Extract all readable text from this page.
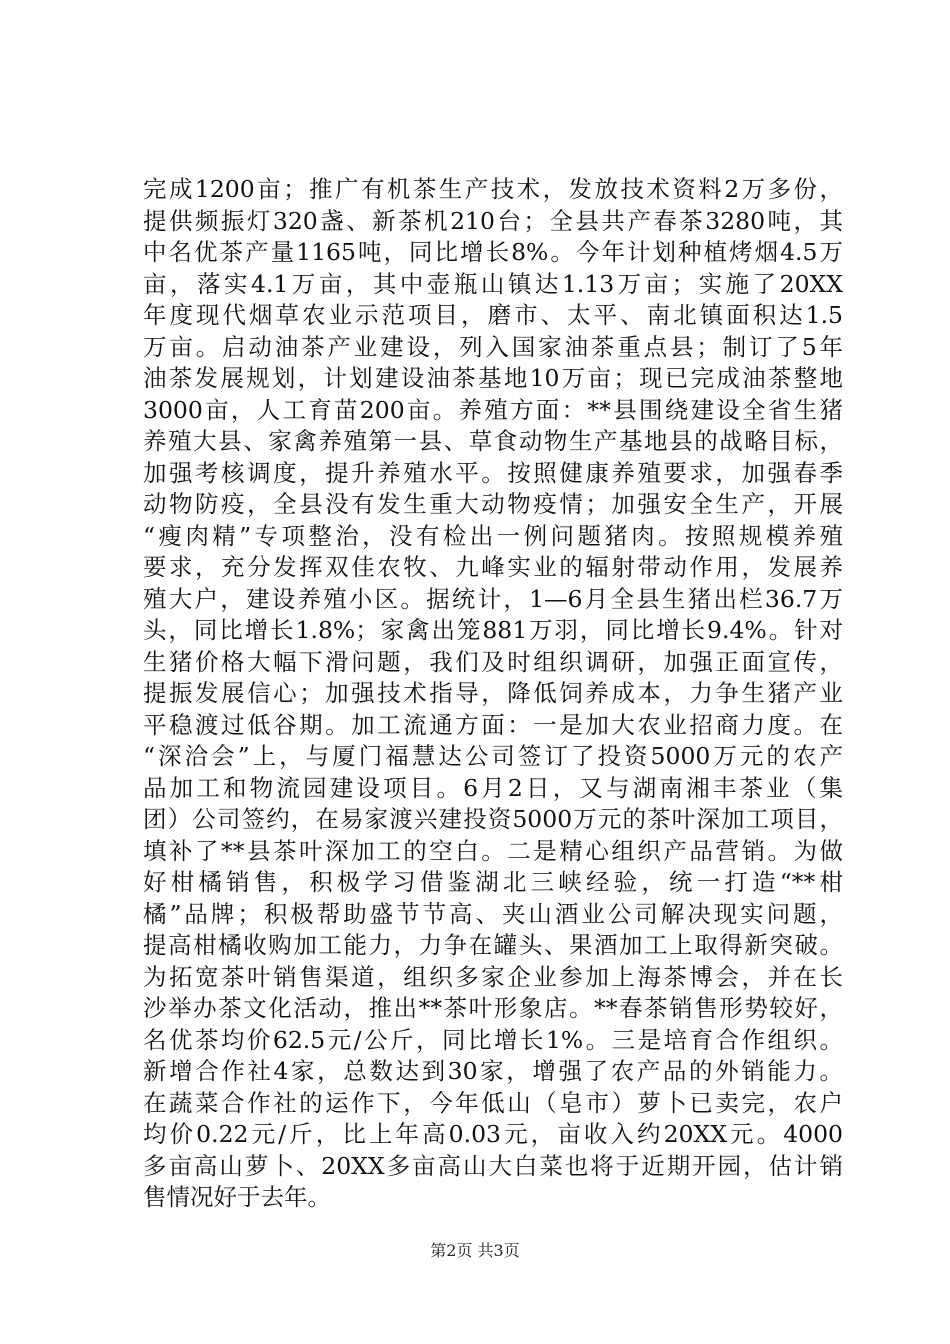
完成1200亩；推广有机茶生产技术，发放技术资料2万多份，
提供频振灯320盏、新茶机210台；全县共产春茶3280吨，其
中名优茶产量1165吨，同比增长8%。今年计划种植烤烟4.5万
亩，落实4.1万亩，其中壶瓶山镇达1.13万亩；实施了20XX
年度现代烟草农业示范项目，磨市、太平、南北镇面积达1.5
万亩。启动油茶产业建设，列入国家油茶重点县；制订了5年
油茶发展规划，计划建设油茶基地10万亩；现已完成油茶整地
3000亩，人工育苗200亩。养殖方面：**县围绕建设全省生猪
养殖大县、家禽养殖第一县、草食动物生产基地县的战略目标，
加强考核调度，提升养殖水平。按照健康养殖要求，加强春季
动物防疫，全县没有发生重大动物疫情；加强安全生产，开展
“瘦肉精”专项整治，没有检出一例问题猪肉。按照规模养殖
要求，充分发挥双佳农牧、九峰实业的辐射带动作用，发展养
殖大户，建设养殖小区。据统计，1—6月全县生猪出栏36.7万
头，同比增长1.8%；家禽出笼881万羽，同比增长9.4%。针对
生猪价格大幅下滑问题，我们及时组织调研，加强正面宣传，
提振发展信心；加强技术指导，降低饲养成本，力争生猪产业
平稳渡过低谷期。加工流通方面：一是加大农业招商力度。在
“深洽会”上，与厦门福慧达公司签订了投资5000万元的农产
品加工和物流园建设项目。6月2日，又与湖南湘丰茶业（集
团）公司签约，在易家渡兴建投资5000万元的茶叶深加工项目，
填补了**县茶叶深加工的空白。二是精心组织产品营销。为做
好柑橘销售，积极学习借鉴湖北三峡经验，统一打造“**柑
橘”品牌；积极帮助盛节节高、夹山酒业公司解决现实问题，
提高柑橘收购加工能力，力争在罐头、果酒加工上取得新突破。
为拓宽茶叶销售渠道，组织多家企业参加上海茶博会，并在长
沙举办茶文化活动，推出**茶叶形象店。**春茶销售形势较好，
名优茶均价62.5元/公斤，同比增长1%。三是培育合作组织。
新增合作社4家，总数达到30家，增强了农产品的外销能力。
在蔬菜合作社的运作下，今年低山（皂市）萝卜已卖完，农户
均价0.22元/斤，比上年高0.03元，亩收入约20XX元。4000
多亩高山萝卜、20XX多亩高山大白菜也将于近期开园，估计销
售情况好于去年。
第2页 共3页
